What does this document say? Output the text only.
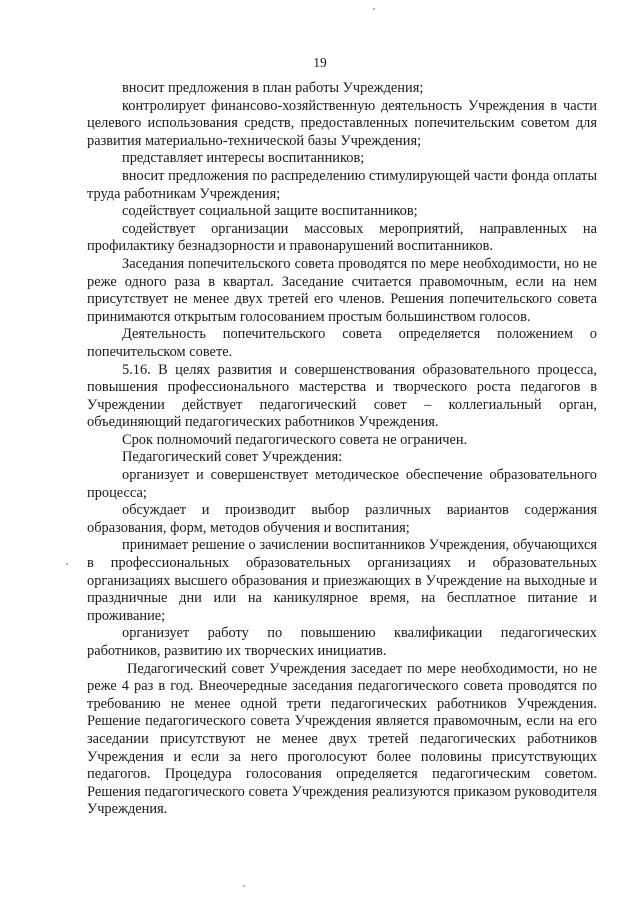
19

вносит предложения в план работы Учреждения;

контролирует финансово-хозяйственную деятельность Учреждения в части целевого использования средств, предоставленных попечительским советом для развития материально-технической базы Учреждения;

представляет интересы воспитанников;

вносит предложения по распределению стимулирующей части фонда оплаты труда работникам Учреждения;

содействует социальной защите воспитанников;

содействует организации массовых мероприятий, направленных на профилактику безнадзорности и правонарушений воспитанников.

Заседания попечительского совета проводятся по мере необходимости, но не реже одного раза в квартал. Заседание считается правомочным, если на нем присутствует не менее двух третей его членов. Решения попечительского совета принимаются открытым голосованием простым большинством голосов.

Деятельность попечительского совета определяется положением о попечительском совете.

5.16. В целях развития и совершенствования образовательного процесса, повышения профессионального мастерства и творческого роста педагогов в Учреждении действует педагогический совет – коллегиальный орган, объединяющий педагогических работников Учреждения.

Срок полномочий педагогического совета не ограничен.

Педагогический совет Учреждения:

организует и совершенствует методическое обеспечение образовательного процесса;

обсуждает и производит выбор различных вариантов содержания образования, форм, методов обучения и воспитания;

принимает решение о зачислении воспитанников Учреждения, обучающихся в профессиональных образовательных организациях и образовательных организациях высшего образования и приезжающих в Учреждение на выходные и праздничные дни или на каникулярное время, на бесплатное питание и проживание;

организует работу по повышению квалификации педагогических работников, развитию их творческих инициатив.

Педагогический совет Учреждения заседает по мере необходимости, но не реже 4 раз в год. Внеочередные заседания педагогического совета проводятся по требованию не менее одной трети педагогических работников Учреждения. Решение педагогического совета Учреждения является правомочным, если на его заседании присутствуют не менее двух третей педагогических работников Учреждения и если за него проголосуют более половины присутствующих педагогов. Процедура голосования определяется педагогическим советом. Решения педагогического совета Учреждения реализуются приказом руководителя Учреждения.
